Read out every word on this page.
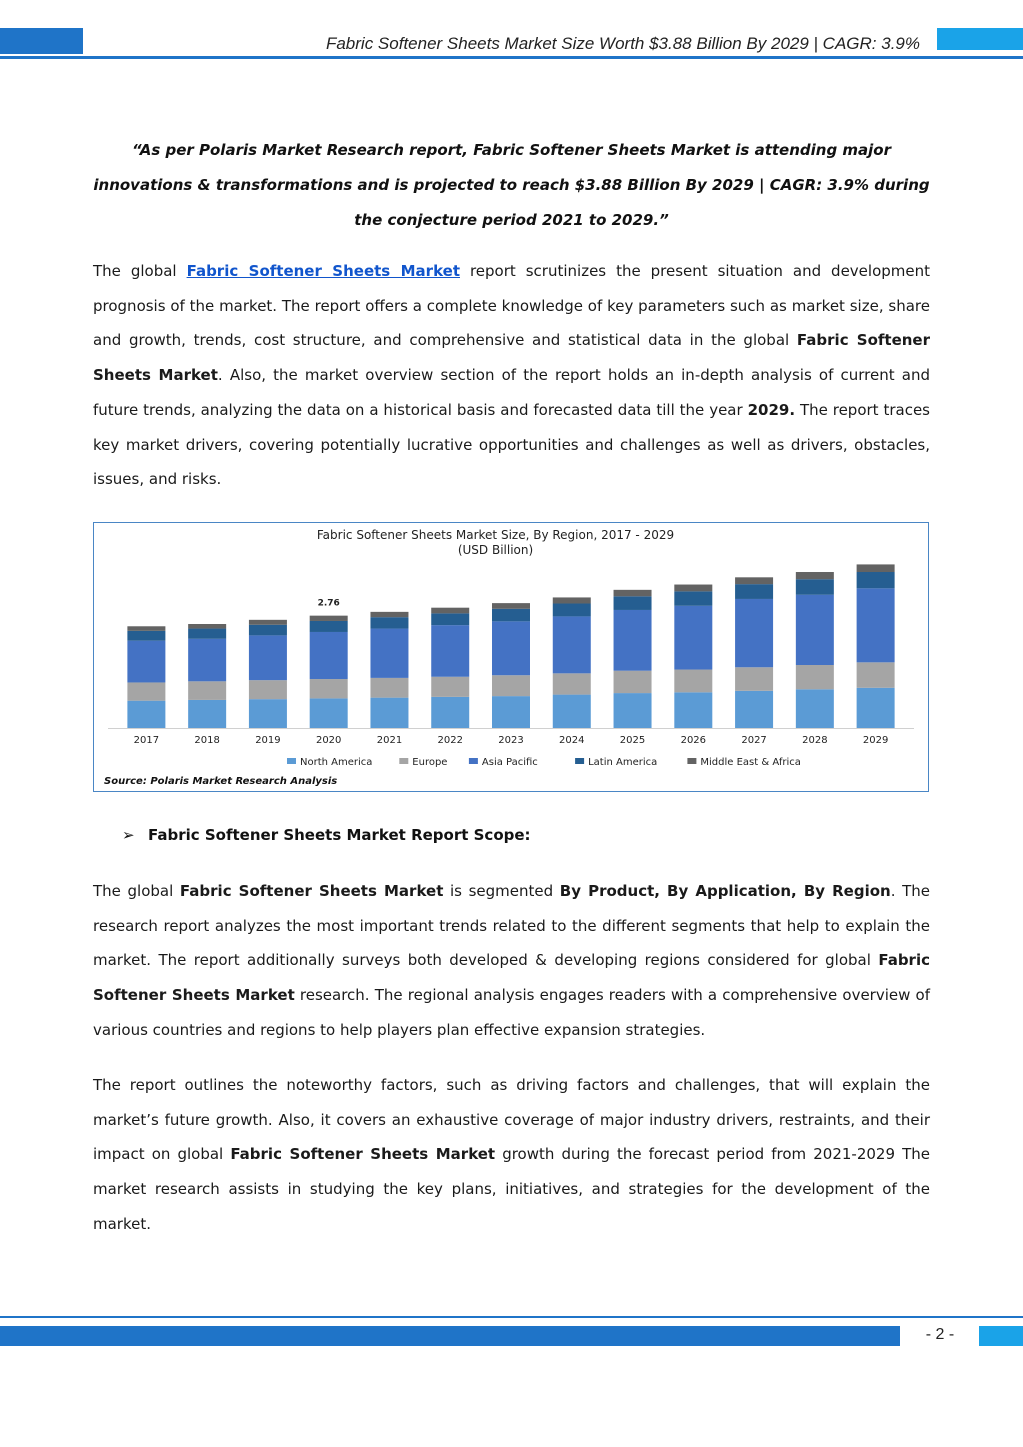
Fabric Softener Sheets Market Size Worth $3.88 Billion By 2029 | CAGR: 3.9%
“As per Polaris Market Research report, Fabric Softener Sheets Market is attending major innovations & transformations and is projected to reach $3.88 Billion By 2029 | CAGR: 3.9% during the conjecture period 2021 to 2029.”
The global Fabric Softener Sheets Market report scrutinizes the present situation and development prognosis of the market. The report offers a complete knowledge of key parameters such as market size, share and growth, trends, cost structure, and comprehensive and statistical data in the global Fabric Softener Sheets Market. Also, the market overview section of the report holds an in-depth analysis of current and future trends, analyzing the data on a historical basis and forecasted data till the year 2029. The report traces key market drivers, covering potentially lucrative opportunities and challenges as well as drivers, obstacles, issues, and risks.
Fabric Softener Sheets Market Size, By Region, 2017 - 2029
(USD Billion)
2017	2018	2019
2.76
2020	2021	2022	2023	2024	2025	2026	2027	2028	2029
North America	Europe	Asia Pacific	Latin America	Middle East & Africa
Source: Polaris Market Research Analysis
➢ Fabric Softener Sheets Market Report Scope:
The global Fabric Softener Sheets Market is segmented By Product, By Application, By Region. The research report analyzes the most important trends related to the different segments that help to explain the market. The report additionally surveys both developed & developing regions considered for global Fabric Softener Sheets Market research. The regional analysis engages readers with a comprehensive overview of various countries and regions to help players plan effective expansion strategies.
The report outlines the noteworthy factors, such as driving factors and challenges, that will explain the market’s future growth. Also, it covers an exhaustive coverage of major industry drivers, restraints, and their impact on global Fabric Softener Sheets Market growth during the forecast period from 2021-2029 The market research assists in studying the key plans, initiatives, and strategies for the development of the market.
- 2 -
